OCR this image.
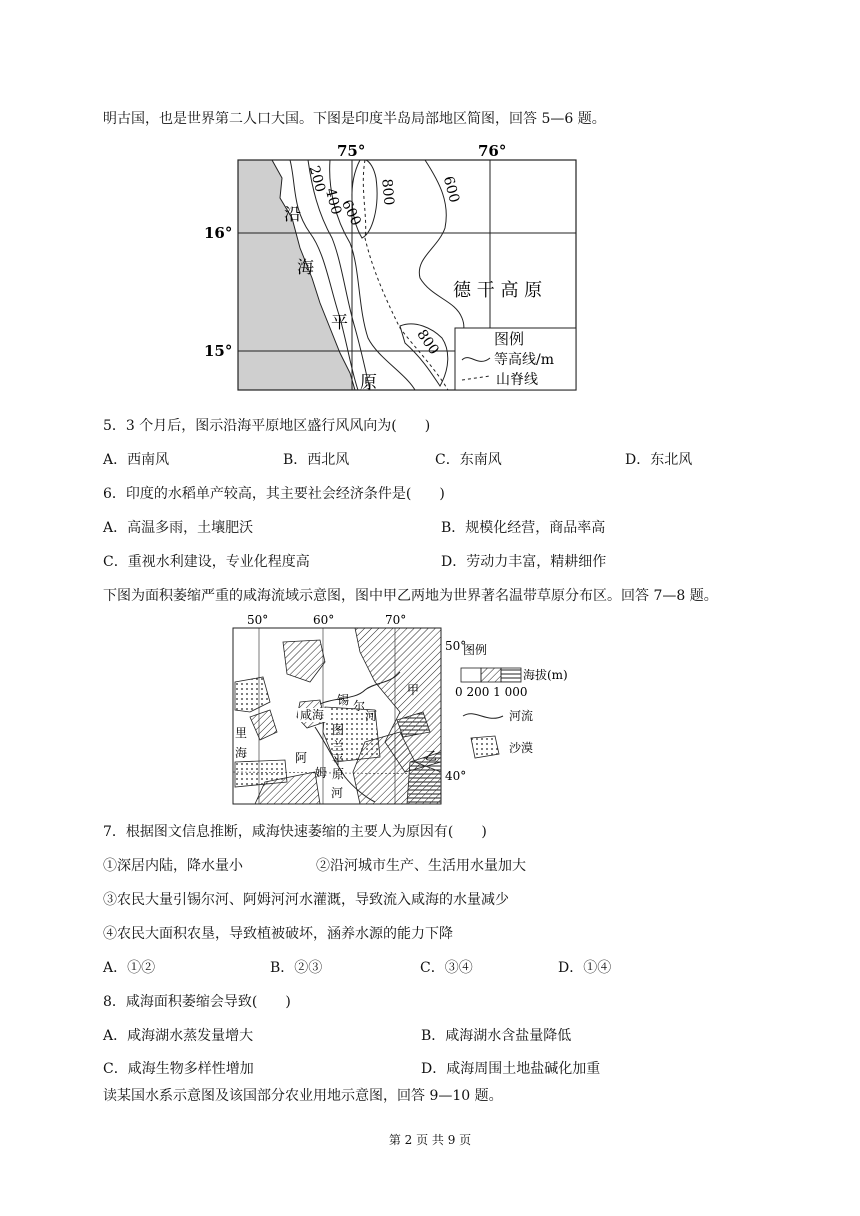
明古国，也是世界第二人口大国。下图是印度半岛局部地区简图，回答 5—6 题。
图例
等高线/m
山脊线
75°	76°
16°
15°
200
400
600
800	600
800
沿
海
平
原
德 干 高 原
5．3 个月后，图示沿海平原地区盛行风风向为(　　)
A．西南风	B．西北风	C．东南风	D．东北风
6．印度的水稻单产较高，其主要社会经济条件是(　　)
A．高温多雨，土壤肥沃	B．规模化经营，商品率高
C．重视水利建设，专业化程度高	D．劳动力丰富，精耕细作
下图为面积萎缩严重的咸海流域示意图，图中甲乙两地为世界著名温带草原分布区。回答 7—8 题。
50°	60°	70°
50°
40°
咸海
锡 尔
河
甲
里
海	阿
姆
河
图
兰
平
原
乙
图例
海拔(m)
0 200 1 000
河流
沙漠
7．根据图文信息推断，咸海快速萎缩的主要人为原因有(　　)
①深居内陆，降水量小	②沿河城市生产、生活用水量加大
③农民大量引锡尔河、阿姆河河水灌溉，导致流入咸海的水量减少
④农民大面积农垦，导致植被破坏，涵养水源的能力下降
A．①②	B．②③	C．③④	D．①④
8．咸海面积萎缩会导致(　　)
A．咸海湖水蒸发量增大	B．咸海湖水含盐量降低
C．咸海生物多样性增加	D．咸海周围土地盐碱化加重
读某国水系示意图及该国部分农业用地示意图，回答 9—10 题。
第 2 页 共 9 页
